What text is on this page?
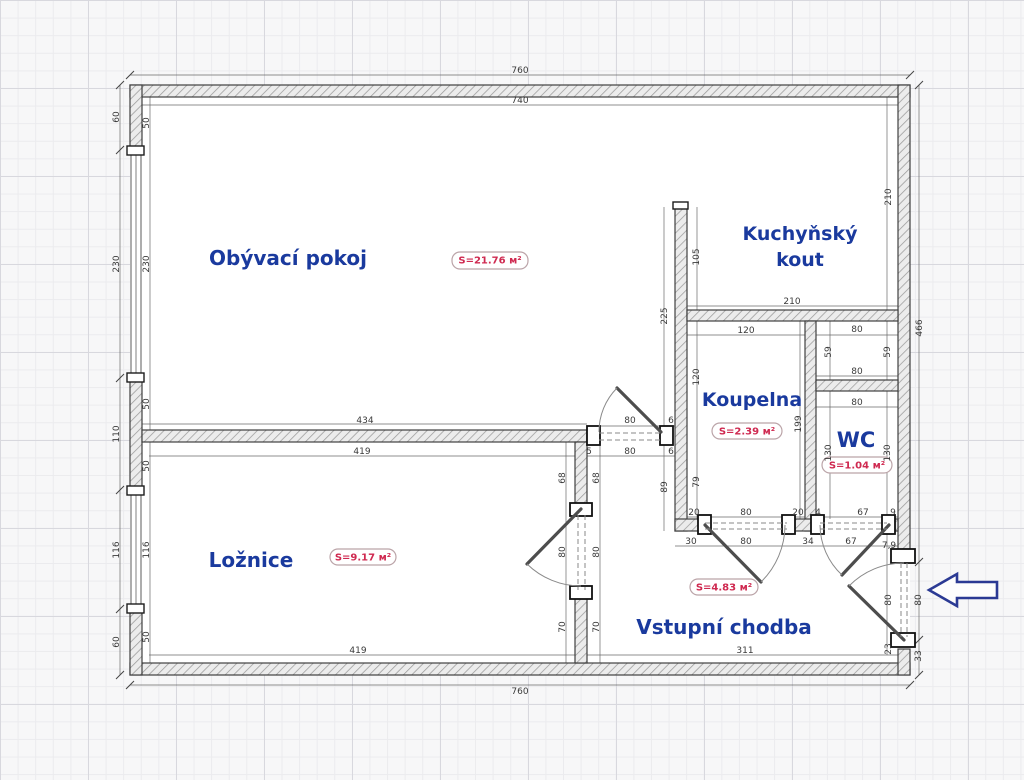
Obývací pokoj
Kuchyňský
kout
Koupelna
WC
Ložnice
Vstupní chodba
S=21.76 м²
S=2.39 м²
S=1.04 м²
S=9.17 м²
S=4.83 м²
760
740
434
419
419	311
760
60
230
110
116
60
50
230
50
50
116
50
210
59
130
466
80
23
80
33
105
225
210
120	80
59
80
80
130
120
79
199
89
20	80	20 4	67 9
30	80	34	67	7,9
80	6
5	80	6
68
80
70
68
80
70
